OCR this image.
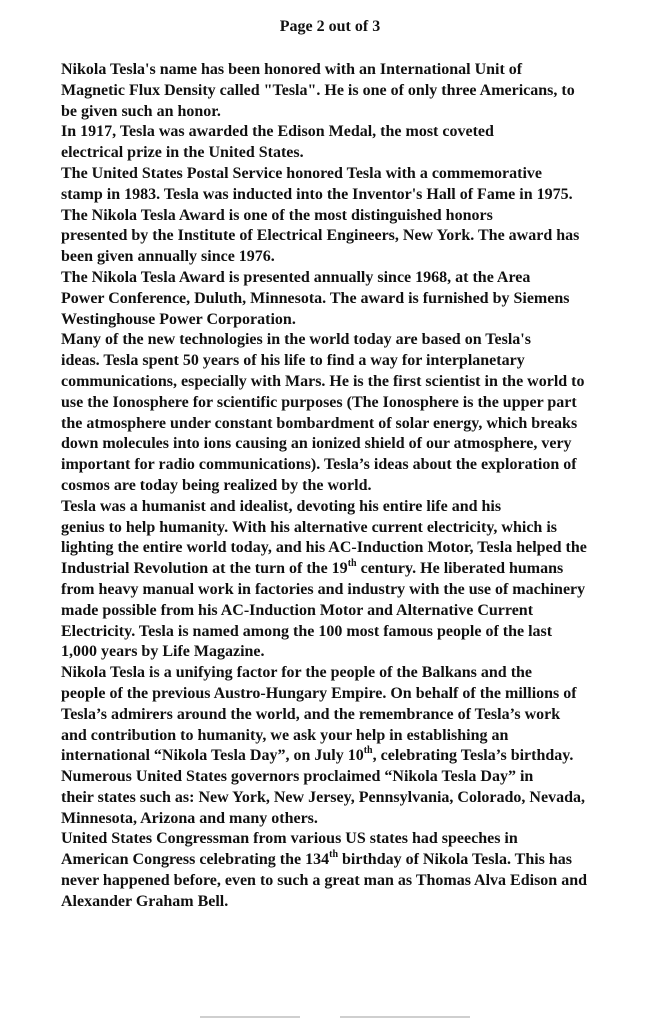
Page 2 out of 3

Nikola Tesla's name has been honored with an International Unit of
Magnetic Flux Density called "Tesla". He is one of only three Americans, to
be given such an honor.

In 1917, Tesla was awarded the Edison Medal, the most coveted
electrical prize in the United States.

The United States Postal Service honored Tesla with a commemorative
stamp in 1983. Tesla was inducted into the Inventor's Hall of Fame in 1975.

The Nikola Tesla Award is one of the most distinguished honors
presented by the Institute of Electrical Engineers, New York. The award has
been given annually since 1976.

The Nikola Tesla Award is presented annually since 1968, at the Area
Power Conference, Duluth, Minnesota. The award is furnished by Siemens
Westinghouse Power Corporation.

Many of the new technologies in the world today are based on Tesla's
ideas. Tesla spent 50 years of his life to find a way for interplanetary
communications, especially with Mars. He is the first scientist in the world to
use the Ionosphere for scientific purposes (The Ionosphere is the upper part
the atmosphere under constant bombardment of solar energy, which breaks
down molecules into ions causing an ionized shield of our atmosphere, very
important for radio communications). Tesla’s ideas about the exploration of
cosmos are today being realized by the world.

Tesla was a humanist and idealist, devoting his entire life and his
genius to help humanity. With his alternative current electricity, which is
lighting the entire world today, and his AC-Induction Motor, Tesla helped the
Industrial Revolution at the turn of the 19th century. He liberated humans
from heavy manual work in factories and industry with the use of machinery
made possible from his AC-Induction Motor and Alternative Current
Electricity. Tesla is named among the 100 most famous people of the last
1,000 years by Life Magazine.

Nikola Tesla is a unifying factor for the people of the Balkans and the
people of the previous Austro-Hungary Empire. On behalf of the millions of
Tesla’s admirers around the world, and the remembrance of Tesla’s work
and contribution to humanity, we ask your help in establishing an
international “Nikola Tesla Day”, on July 10th, celebrating Tesla’s birthday.

Numerous United States governors proclaimed “Nikola Tesla Day” in
their states such as: New York, New Jersey, Pennsylvania, Colorado, Nevada,
Minnesota, Arizona and many others.

United States Congressman from various US states had speeches in
American Congress celebrating the 134th birthday of Nikola Tesla. This has
never happened before, even to such a great man as Thomas Alva Edison and
Alexander Graham Bell.
